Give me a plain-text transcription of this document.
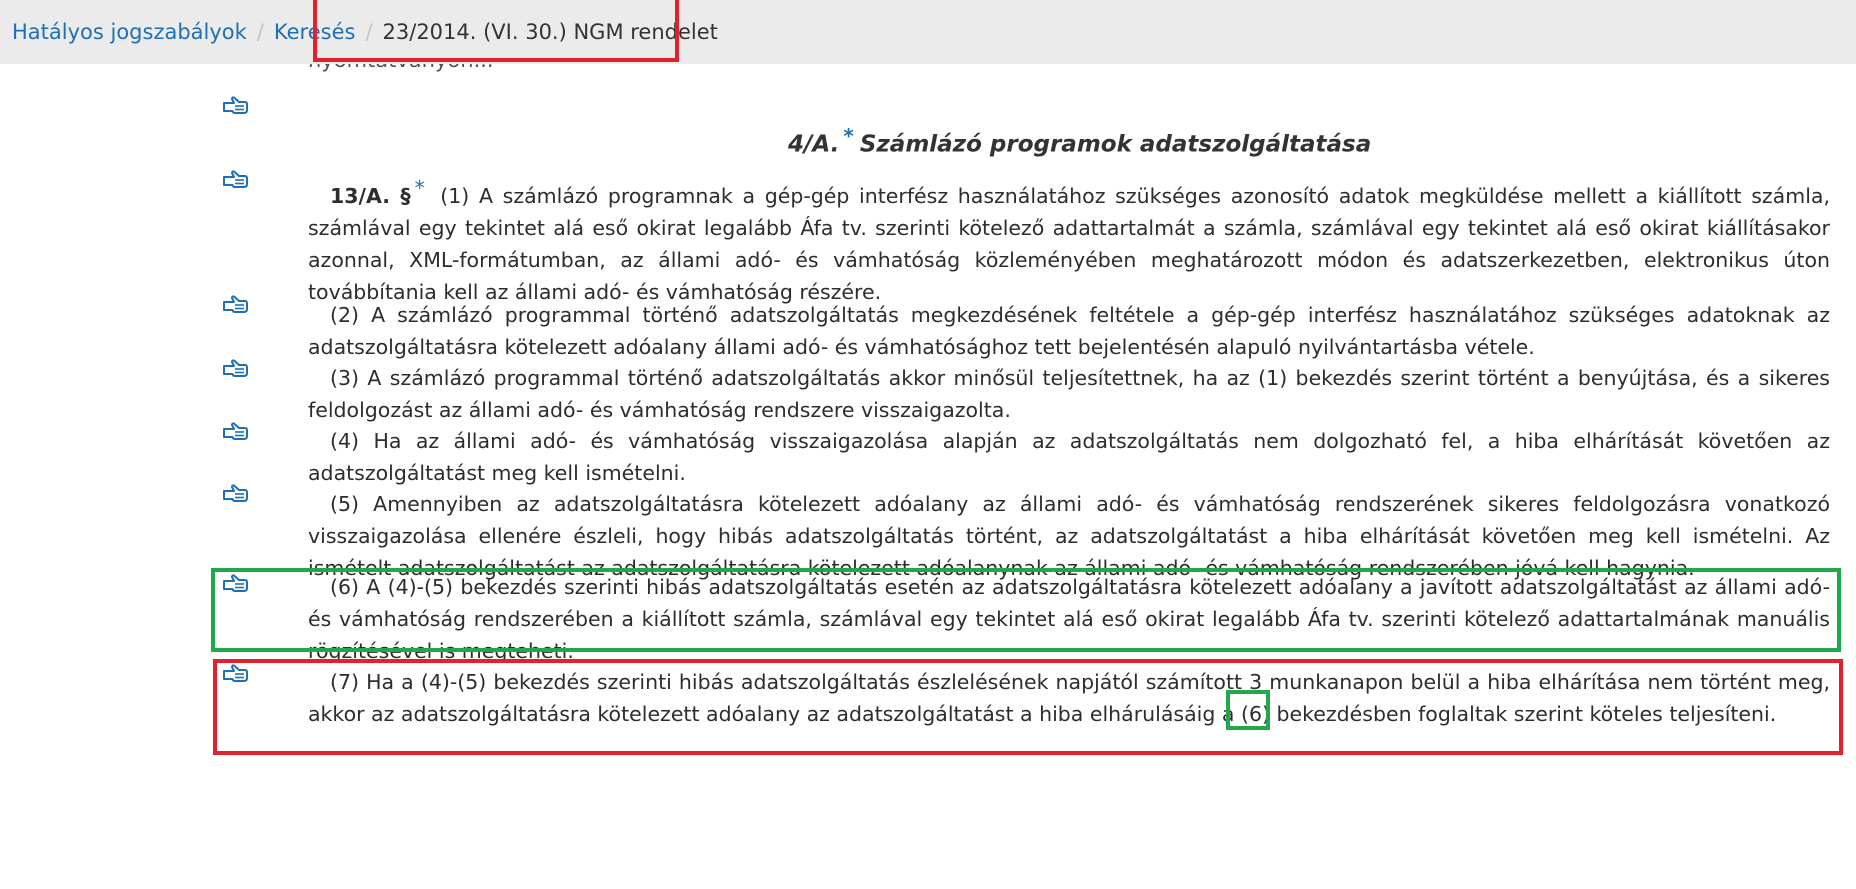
Hatályos jogszabályok / Keresés / 23/2014. (VI. 30.) NGM rendelet
4/A. * Számlázó programok adatszolgáltatása
13/A. § * (1) A számlázó programnak a gép-gép interfész használatához szükséges azonosító adatok megküldése mellett a kiállított számla, számlával egy tekintet alá eső okirat legalább Áfa tv. szerinti kötelező adattartalmát a számla, számlával egy tekintet alá eső okirat kiállításakor azonnal, XML-formátumban, az állami adó- és vámhatóság közleményében meghatározott módon és adatszerkezetben, elektronikus úton továbbítania kell az állami adó- és vámhatóság részére.
(2) A számlázó programmal történő adatszolgáltatás megkezdésének feltétele a gép-gép interfész használatához szükséges adatoknak az adatszolgáltatásra kötelezett adóalany állami adó- és vámhatósághoz tett bejelentésén alapuló nyilvántartásba vétele.
(3) A számlázó programmal történő adatszolgáltatás akkor minősül teljesítettnek, ha az (1) bekezdés szerint történt a benyújtása, és a sikeres feldolgozást az állami adó- és vámhatóság rendszere visszaigazolta.
(4) Ha az állami adó- és vámhatóság visszaigazolása alapján az adatszolgáltatás nem dolgozható fel, a hiba elhárítását követően az adatszolgáltatást meg kell ismételni.
(5) Amennyiben az adatszolgáltatásra kötelezett adóalany az állami adó- és vámhatóság rendszerének sikeres feldolgozásra vonatkozó visszaigazolása ellenére észleli, hogy hibás adatszolgáltatás történt, az adatszolgáltatást a hiba elhárítását követően meg kell ismételni. Az ismételt adatszolgáltatást az adatszolgáltatásra kötelezett adóalanynak az állami adó- és vámhatóság rendszerében jóvá kell hagynia.
(6) A (4)-(5) bekezdés szerinti hibás adatszolgáltatás esetén az adatszolgáltatásra kötelezett adóalany a javított adatszolgáltatást az állami adó- és vámhatóság rendszerében a kiállított számla, számlával egy tekintet alá eső okirat legalább Áfa tv. szerinti kötelező adattartalmának manuális rögzítésével is megteheti.
(7) Ha a (4)-(5) bekezdés szerinti hibás adatszolgáltatás észlelésének napjától számított 3 munkanapon belül a hiba elhárítása nem történt meg, akkor az adatszolgáltatásra kötelezett adóalany az adatszolgáltatást a hiba elhárulásáig a (6) bekezdésben foglaltak szerint köteles teljesíteni.
